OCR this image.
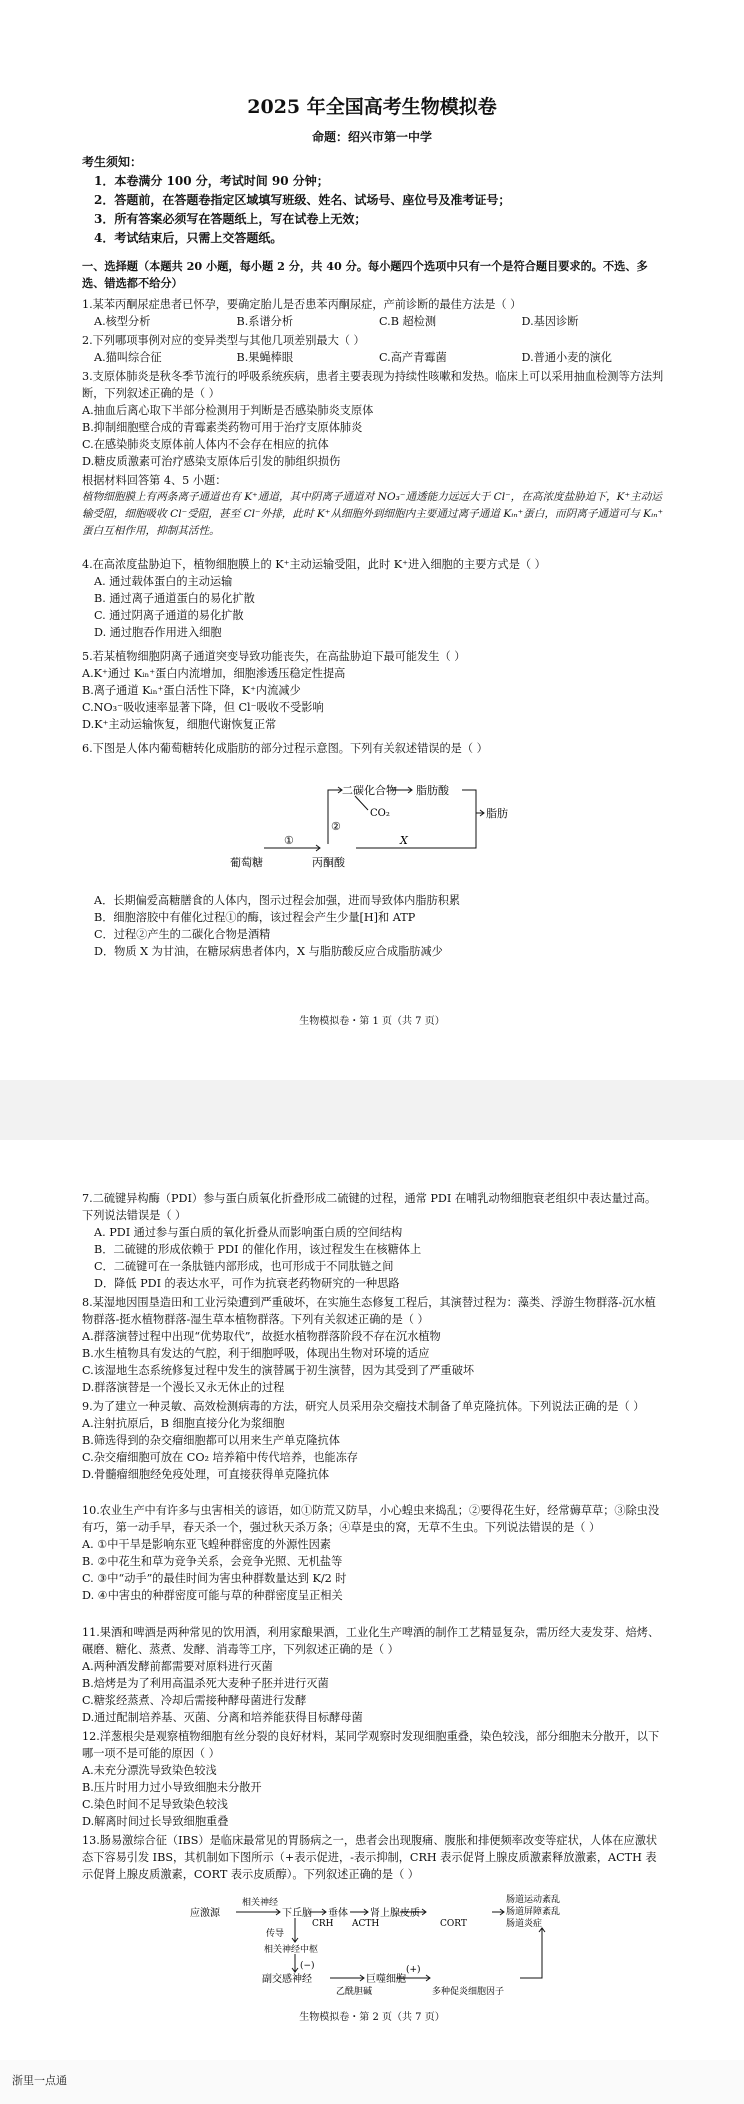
2025 年全国高考生物模拟卷
命题：绍兴市第一中学

考生须知：

1．本卷满分 100 分，考试时间 90 分钟；

2．答题前，在答题卷指定区域填写班级、姓名、试场号、座位号及准考证号；

3．所有答案必须写在答题纸上，写在试卷上无效；

4．考试结束后，只需上交答题纸。

一、选择题（本题共 20 小题，每小题 2 分，共 40 分。每小题四个选项中只有一个是符合题目要求的。不选、多选、错选都不给分）

1.某苯丙酮尿症患者已怀孕，要确定胎儿是否患苯丙酮尿症，产前诊断的最佳方法是（ ）

A.核型分析	B.系谱分析	C.B 超检测	D.基因诊断

2.下列哪项事例对应的变异类型与其他几项差别最大（ ）

A.猫叫综合征	B.果蝇棒眼	C.高产青霉菌	D.普通小麦的演化

3.支原体肺炎是秋冬季节流行的呼吸系统疾病，患者主要表现为持续性咳嗽和发热。临床上可以采用抽血检测等方法判断，下列叙述正确的是（ ）

A.抽血后离心取下半部分检测用于判断是否感染肺炎支原体

B.抑制细胞壁合成的青霉素类药物可用于治疗支原体肺炎

C.在感染肺炎支原体前人体内不会存在相应的抗体

D.糖皮质激素可治疗感染支原体后引发的肺组织损伤

根据材料回答第 4、5 小题：

植物细胞膜上有两条离子通道也有 K⁺通道，其中阴离子通道对 NO₃⁻通透能力远远大于 Cl⁻，在高浓度盐胁迫下，K⁺主动运输受阻，细胞吸收 Cl⁻受阻，甚至 Cl⁻外排，此时 K⁺从细胞外到细胞内主要通过离子通道 Kᵢₙ⁺蛋白，而阴离子通道可与 Kᵢₙ⁺蛋白互相作用，抑制其活性。

4.在高浓度盐胁迫下，植物细胞膜上的 K⁺主动运输受阻，此时 K⁺进入细胞的主要方式是（ ）

A. 通过载体蛋白的主动运输

B. 通过离子通道蛋白的易化扩散

C. 通过阴离子通道的易化扩散

D. 通过胞吞作用进入细胞

5.若某植物细胞阴离子通道突变导致功能丧失，在高盐胁迫下最可能发生（ ）

A.K⁺通过 Kᵢₙ⁺蛋白内流增加，细胞渗透压稳定性提高

B.离子通道 Kᵢₙ⁺蛋白活性下降，K⁺内流减少

C.NO₃⁻吸收速率显著下降，但 Cl⁻吸收不受影响

D.K⁺主动运输恢复，细胞代谢恢复正常

6.下图是人体内葡萄糖转化成脂肪的部分过程示意图。下列有关叙述错误的是（ ）

葡萄糖	丙酮酸
二碳化合物 脂肪酸
脂肪
CO₂
X
①
②

A．长期偏爱高糖膳食的人体内，图示过程会加强，进而导致体内脂肪积累

B．细胞溶胶中有催化过程①的酶，该过程会产生少量[H]和 ATP

C．过程②产生的二碳化合物是酒精

D．物质 X 为甘油，在糖尿病患者体内，X 与脂肪酸反应合成脂肪减少

生物模拟卷・第 1 页（共 7 页）

7.二硫键异构酶（PDI）参与蛋白质氧化折叠形成二硫键的过程，通常 PDI 在哺乳动物细胞衰老组织中表达量过高。下列说法错误是（ ）

A. PDI 通过参与蛋白质的氧化折叠从而影响蛋白质的空间结构

B．二硫键的形成依赖于 PDI 的催化作用，该过程发生在核糖体上

C．二硫键可在一条肽链内部形成，也可形成于不同肽链之间

D．降低 PDI 的表达水平，可作为抗衰老药物研究的一种思路

8.某湿地因围垦造田和工业污染遭到严重破坏，在实施生态修复工程后，其演替过程为：藻类、浮游生物群落-沉水植物群落-挺水植物群落-湿生草本植物群落。下列有关叙述正确的是（ ）

A.群落演替过程中出现“优势取代”，故挺水植物群落阶段不存在沉水植物

B.水生植物具有发达的气腔，利于细胞呼吸，体现出生物对环境的适应

C.该湿地生态系统修复过程中发生的演替属于初生演替，因为其受到了严重破坏

D.群落演替是一个漫长又永无休止的过程

9.为了建立一种灵敏、高效检测病毒的方法，研究人员采用杂交瘤技术制备了单克隆抗体。下列说法正确的是（ ）

A.注射抗原后，B 细胞直接分化为浆细胞

B.筛选得到的杂交瘤细胞都可以用来生产单克隆抗体

C.杂交瘤细胞可放在 CO₂ 培养箱中传代培养，也能冻存

D.骨髓瘤细胞经免疫处理，可直接获得单克隆抗体

10.农业生产中有许多与虫害相关的谚语，如①防荒又防旱，小心蝗虫来捣乱；②要得花生好，经常薅草草；③除虫没有巧，第一动手早，春天杀一个，强过秋天杀万条；④草是虫的窝，无草不生虫。下列说法错误的是（ ）

A. ①中干旱是影响东亚飞蝗种群密度的外源性因素

B. ②中花生和草为竞争关系，会竞争光照、无机盐等

C. ③中“动手”的最佳时间为害虫种群数量达到 K/2 时

D. ④中害虫的种群密度可能与草的种群密度呈正相关

11.果酒和啤酒是两种常见的饮用酒，利用家酿果酒，工业化生产啤酒的制作工艺精显复杂，需历经大麦发芽、焙烤、碾磨、糖化、蒸煮、发酵、消毒等工序，下列叙述正确的是（ ）

A.两种酒发酵前都需要对原料进行灭菌

B.焙烤是为了利用高温杀死大麦种子胚并进行灭菌

C.糖浆经蒸煮、冷却后需接种酵母菌进行发酵

D.通过配制培养基、灭菌、分离和培养能获得目标酵母菌

12.洋葱根尖是观察植物细胞有丝分裂的良好材料，某同学观察时发现细胞重叠，染色较浅，部分细胞未分散开，以下哪一项不是可能的原因（ ）

A.未充分漂洗导致染色较浅

B.压片时用力过小导致细胞未分散开

C.染色时间不足导致染色较浅

D.解离时间过长导致细胞重叠

13.肠易激综合征（IBS）是临床最常见的胃肠病之一，患者会出现腹痛、腹胀和排便频率改变等症状，人体在应激状态下容易引发 IBS，其机制如下图所示（+表示促进，-表示抑制，CRH 表示促肾上腺皮质激素释放激素，ACTH 表示促肾上腺皮质激素，CORT 表示皮质醇）。下列叙述正确的是（ ）

应激源
相关神经
下丘脑
CRH
垂体
ACTH
肾上腺皮质
CORT
肠道运动紊乱
肠道屏障紊乱
肠道炎症
传导
相关神经中枢
(−)
副交感神经
乙酰胆碱
巨噬细胞
多种促炎细胞因子
(+)
生物模拟卷・第 2 页（共 7 页）
浙里一点通
